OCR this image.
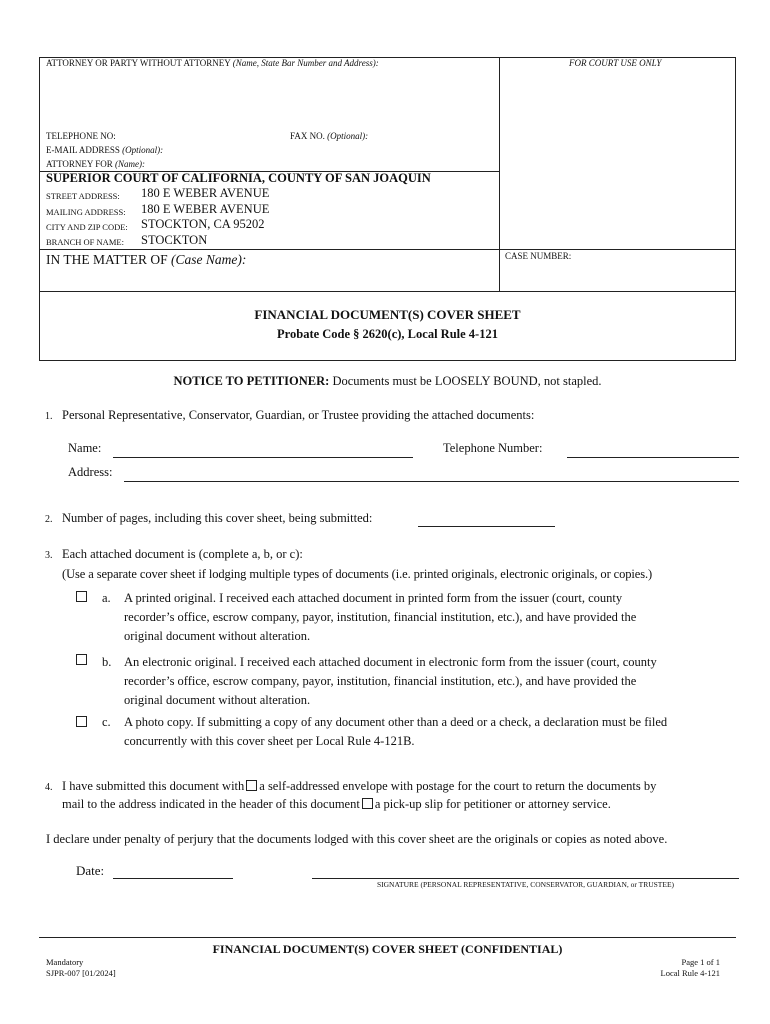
ATTORNEY OR PARTY WITHOUT ATTORNEY (Name, State Bar Number and Address):	FOR COURT USE ONLY
TELEPHONE NO:	FAX NO. (Optional):
E-MAIL ADDRESS (Optional):
ATTORNEY FOR (Name):
SUPERIOR COURT OF CALIFORNIA, COUNTY OF SAN JOAQUIN
STREET ADDRESS: 180 E WEBER AVENUE
MAILING ADDRESS: 180 E WEBER AVENUE
CITY AND ZIP CODE: STOCKTON, CA 95202
BRANCH OF NAME: STOCKTON
IN THE MATTER OF (Case Name):	CASE NUMBER:
FINANCIAL DOCUMENT(S) COVER SHEET
Probate Code § 2620(c), Local Rule 4-121
NOTICE TO PETITIONER: Documents must be LOOSELY BOUND, not stapled.
1. Personal Representative, Conservator, Guardian, or Trustee providing the attached documents:
Name:	Telephone Number:
Address:
2. Number of pages, including this cover sheet, being submitted:
3. Each attached document is (complete a, b, or c):
(Use a separate cover sheet if lodging multiple types of documents (i.e. printed originals, electronic originals, or copies.)
a. A printed original. I received each attached document in printed form from the issuer (court, county
recorder’s office, escrow company, payor, institution, financial institution, etc.), and have provided the
original document without alteration.
b. An electronic original. I received each attached document in electronic form from the issuer (court, county
recorder’s office, escrow company, payor, institution, financial institution, etc.), and have provided the
original document without alteration.
c. A photo copy. If submitting a copy of any document other than a deed or a check, a declaration must be filed
concurrently with this cover sheet per Local Rule 4-121B.
4. I have submitted this document with a self-addressed envelope with postage for the court to return the documents by
mail to the address indicated in the header of this document a pick-up slip for petitioner or attorney service.
I declare under penalty of perjury that the documents lodged with this cover sheet are the originals or copies as noted above.
Date:
SIGNATURE (PERSONAL REPRESENTATIVE, CONSERVATOR, GUARDIAN, or TRUSTEE)
FINANCIAL DOCUMENT(S) COVER SHEET (CONFIDENTIAL)
Mandatory
SJPR-007 [01/2024]
Page 1 of 1
Local Rule 4-121
